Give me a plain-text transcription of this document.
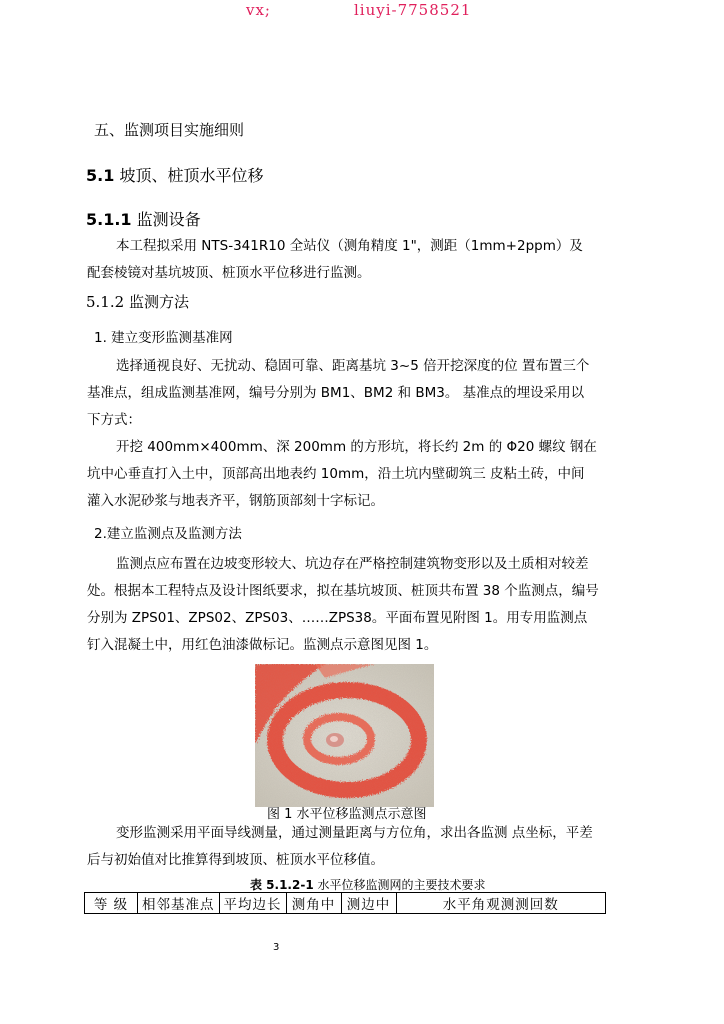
vx;	liuyi-7758521
五、监测项目实施细则
5.1 坡顶、桩顶水平位移
5.1.1 监测设备
本工程拟采用 NTS-341R10 全站仪（测角精度 1"，测距（1mm+2ppm）及
配套棱镜对基坑坡顶、桩顶水平位移进行监测。
5.1.2 监测方法
1. 建立变形监测基准网
选择通视良好、无扰动、稳固可靠、距离基坑 3~5 倍开挖深度的位 置布置三个
基准点，组成监测基准网，编号分别为 BM1、BM2 和 BM3。 基准点的埋设采用以
下方式：
开挖 400mm×400mm、深 200mm 的方形坑，将长约 2m 的 Φ20 螺纹 钢在
坑中心垂直打入土中，顶部高出地表约 10mm，沿土坑内壁砌筑三 皮粘土砖，中间
灌入水泥砂浆与地表齐平，钢筋顶部刻十字标记。
2.建立监测点及监测方法
监测点应布置在边坡变形较大、坑边存在严格控制建筑物变形以及土质相对较差
处。根据本工程特点及设计图纸要求，拟在基坑坡顶、桩顶共布置 38 个监测点，编号
分别为 ZPS01、ZPS02、ZPS03、……ZPS38。平面布置见附图 1。用专用监测点
钉入混凝土中，用红色油漆做标记。监测点示意图见图 1。
图 1 水平位移监测点示意图
变形监测采用平面导线测量，通过测量距离与方位角，求出各监测 点坐标，平差
后与初始值对比推算得到坡顶、桩顶水平位移值。
表 5.1.2-1 水平位移监测网的主要技术要求
等 级	相邻基准点	平均边长	测角中	测边中	水平角观测测回数
3
